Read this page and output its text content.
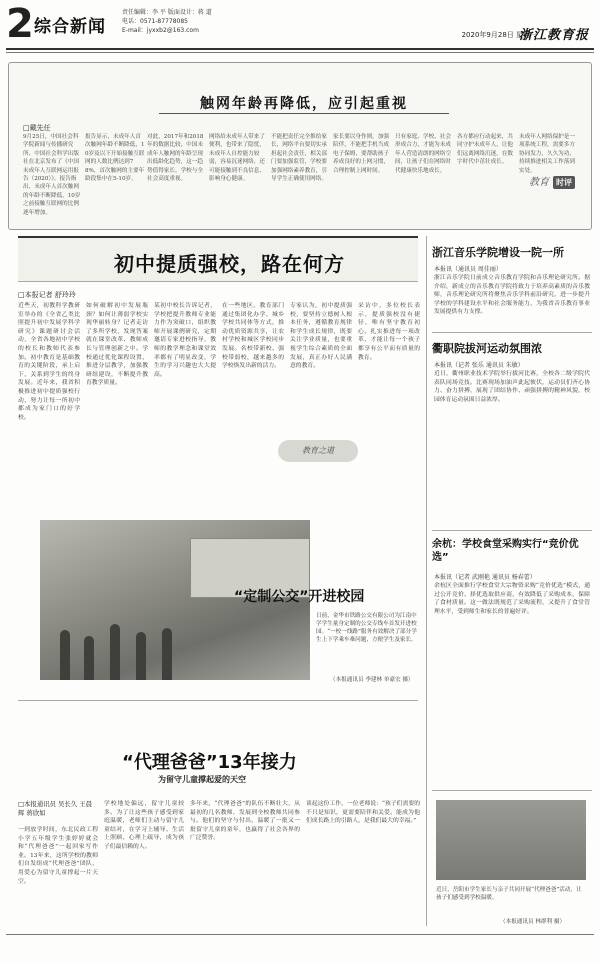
2 综合新闻
责任编辑：李 平 版面设计：蒋 道
电话：0571-87778085
E-mail：jyxxb2@163.com
2020年9月28日 星期一
浙江教育报
触网年龄再降低，应引起重视
□戴先任
9月25日，中国社会科学院新闻与传播研究所、中国社会科学出版社在北京发布了《中国未成年人互联网运用报告（2020）》。报告指出，未成年人首次触网的年龄不断降低，10岁之前接触互联网的比例逐年增加。
报告显示，未成年人首次触网年龄不断降低，10岁及以下开始接触互联网的人数比例达到78%，首次触网的主要年龄段集中在5-10岁。
对此，2017年和2018年的数据比较，中国未成年人触网的年龄呈现出低龄化趋势，这一趋势值得家长、学校与全社会高度重视。
网络给未成年人带来了便利，也带来了隐忧，未成年人自控能力较弱，容易沉迷网络，还可能接触到不良信息，影响身心健康。
不能把责任完全推给家长，网络平台要切实承担起社会责任，相关部门要加强监管，学校要加强网络素养教育，引导学生正确使用网络。
家长要以身作则，加强陪伴，不能把手机当成电子保姆，要帮助孩子养成良好的上网习惯，合理控制上网时间。
只有家庭、学校、社会形成合力，才能为未成年人营造清朗的网络空间，让孩子们在网络时代健康快乐地成长。
各方都应行动起来，共同守护未成年人，让他们远离网络沉迷，在数字时代中茁壮成长。
未成年人网络保护是一项系统工程，需要多方协同发力，久久为功，持续推进相关工作落到实处。
教育 时评
初中提质强校，路在何方
□本报记者 舒玲玲
近些天，初教科学教研室举办的《全省乙类比照提升初中发展学科学研究》课题研讨会活动，全省各地初中学校的校长和教师代表参加。初中教育是基础教育的关键阶段，承上启下，关系到学生的终身发展。近年来，我省积极推进初中提质强校行动，努力让每一所初中都成为家门口的好学校。
如何破解初中发展瓶颈？如何让薄弱学校实现华丽转身？记者走访了多所学校，发现答案就在课堂改革、教师成长与管理创新之中。学校通过优化课程设置，推进分层教学，加强教研组建设，不断提升教育教学质量。
某初中校长告诉记者，学校把提升教师专业能力作为突破口，组织教师开展课例研究，定期邀请专家进校指导，教师的教学理念和课堂效率都有了明显改变，学生的学习兴趣也大大提高。
在一些地区，教育部门通过集团化办学、城乡学校共同体等方式，推动优质资源共享，让农村学校和城区学校同步发展。名校带新校、强校带弱校，越来越多的学校焕发出新的活力。
专家认为，初中提质强校，要坚持立德树人根本任务，遵循教育规律和学生成长规律，既要关注学业质量，也要重视学生综合素质的全面发展，真正办好人民满意的教育。
采访中，多位校长表示，提质强校没有捷径，唯有坚守教育初心，扎实推进每一项改革，才能让每一个孩子都享有公平而有质量的教育。
教育之道
浙江音乐学院增设一院一所
本报讯（通讯员 周佳丽）
浙江音乐学院日前成立音乐教育学院和音乐理论研究所。据介绍，新成立的音乐教育学院将致力于培养高素质的音乐教师，音乐理论研究所将聚焦音乐学科前沿研究，进一步提升学校的学科建设水平和社会服务能力，为我省音乐教育事业发展提供有力支撑。
衢职院拔河运动氛围浓
本报讯（记者 张乐 通讯员 朱敏）
近日，衢州职业技术学院举行拔河比赛，全校各二级学院代表队同场竞技。比赛现场加油声此起彼伏，运动员们齐心协力、奋力拼搏，展现了团结协作、顽强拼搏的精神风貌，校园体育运动氛围日益浓厚。
余杭：学校食堂采购实行“竞价优选”
本报讯（记者 武刚艳 通讯员 杨春蕾）
余杭区全面推行学校食堂大宗物资采购“竞价优选”模式，通过公开竞价、择优选取供应商，有效降低了采购成本，保障了食材质量。这一做法既规范了采购流程，又提升了食堂管理水平，受到师生和家长的普遍好评。
“定制公交”开进校园
日前，金华市铁路公交有限公司为江南中学学生量身定制的公交专线车首发开进校园。“一校一线路”服务有效解决了部分学生上下学乘车难问题，方便学生及家长。
（本报通讯员 李建林 单豪宏 摄）
“代理爸爸”13年接力
为留守儿童撑起爱的天空
□本报通讯员 吴长久 王晨辉 蒋欣如
一到放学时间，东北民政工程小学五年级学生张婷婷就会和“代理爸爸”一起回家写作业。13年来，这所学校的教师们自发组成“代理爸爸”团队，用爱心为留守儿童撑起一片天空。
学校地处偏远，留守儿童较多。为了让这些孩子感受到家庭温暖，老师们主动与留守儿童结对，在学习上辅导、生活上照顾、心理上疏导，成为孩子们最信赖的人。
多年来，“代理爸爸”的队伍不断壮大，从最初的几名教师，发展到全校教师共同参与。他们的坚守与付出，温暖了一批又一批留守儿童的童年，也赢得了社会各界的广泛赞誉。
谈起这份工作，一位老师说：“孩子们需要的不只是知识，更需要陪伴和关爱。能成为他们成长路上的引路人，是我们最大的幸福。”
近日，岳阳市学生家长与亲子共同开展“代理爸爸”活动，让孩子们感受到学校温暖。
（本报通讯员 林群利 摄）
